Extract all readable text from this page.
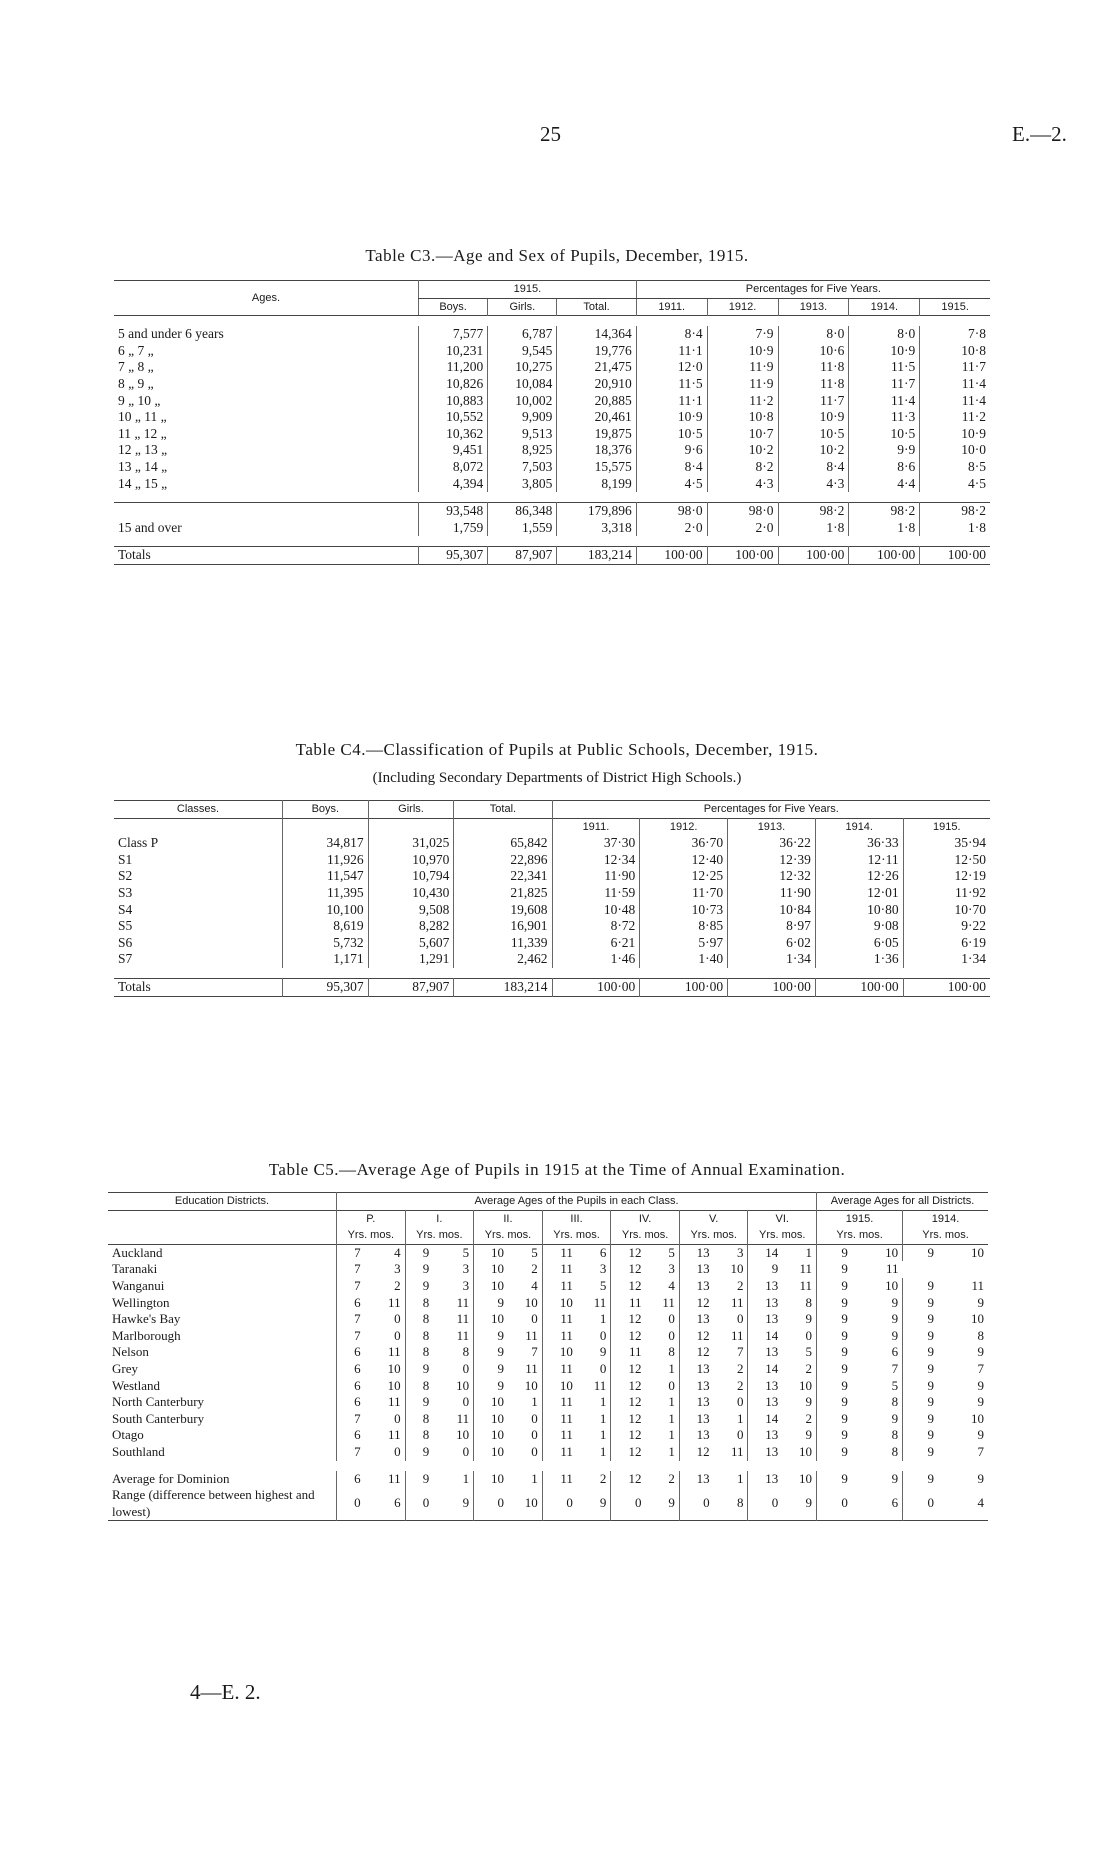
25	E.—2.
Table C3.—Age and Sex of Pupils, December, 1915.
Ages.	1915.			Percentages for Five Years.				
	Boys.	Girls.	Total.	1911.	1912.	1913.	1914.	1915.

5 and under 6 years	7,577	6,787	14,364	8·4	7·9	8·0	8·0	7·8
6 „ 7 „	10,231	9,545	19,776	11·1	10·9	10·6	10·9	10·8
7 „ 8 „	11,200	10,275	21,475	12·0	11·9	11·8	11·5	11·7
8 „ 9 „	10,826	10,084	20,910	11·5	11·9	11·8	11·7	11·4
9 „ 10 „	10,883	10,002	20,885	11·1	11·2	11·7	11·4	11·4
10 „ 11 „	10,552	9,909	20,461	10·9	10·8	10·9	11·3	11·2
11 „ 12 „	10,362	9,513	19,875	10·5	10·7	10·5	10·5	10·9
12 „ 13 „	9,451	8,925	18,376	9·6	10·2	10·2	9·9	10·0
13 „ 14 „	8,072	7,503	15,575	8·4	8·2	8·4	8·6	8·5
14 „ 15 „	4,394	3,805	8,199	4·5	4·3	4·3	4·4	4·5

	93,548	86,348	179,896	98·0	98·0	98·2	98·2	98·2
15 and over	1,759	1,559	3,318	2·0	2·0	1·8	1·8	1·8

Totals	95,307	87,907	183,214	100·00	100·00	100·00	100·00	100·00
Table C4.—Classification of Pupils at Public Schools, December, 1915.
(Including Secondary Departments of District High Schools.)
Classes.	Boys.	Girls.	Total.	Percentages for Five Years.				
				1911.	1912.	1913.	1914.	1915.
Class P	34,817	31,025	65,842	37·30	36·70	36·22	36·33	35·94
S1	11,926	10,970	22,896	12·34	12·40	12·39	12·11	12·50
S2	11,547	10,794	22,341	11·90	12·25	12·32	12·26	12·19
S3	11,395	10,430	21,825	11·59	11·70	11·90	12·01	11·92
S4	10,100	9,508	19,608	10·48	10·73	10·84	10·80	10·70
S5	8,619	8,282	16,901	8·72	8·85	8·97	9·08	9·22
S6	5,732	5,607	11,339	6·21	5·97	6·02	6·05	6·19
S7	1,171	1,291	2,462	1·46	1·40	1·34	1·36	1·34

Totals	95,307	87,907	183,214	100·00	100·00	100·00	100·00	100·00
Table C5.—Average Age of Pupils in 1915 at the Time of Annual Examination.
Education Districts.	Average Ages of the Pupils in each Class.														Average Ages for all Districts.			
	P.		I.		II.		III.		IV.		V.		VI.		1915.		1914.	
	Yrs. mos.		Yrs. mos.		Yrs. mos.		Yrs. mos.		Yrs. mos.		Yrs. mos.		Yrs. mos.		Yrs. mos.		Yrs. mos.	
Auckland	7	4	9	5	10	5	11	6	12	5	13	3	14	1	9	10	9	10
Taranaki	7	3	9	3	10	2	11	3	12	3	13	10	9	11	9	11		
Wanganui	7	2	9	3	10	4	11	5	12	4	13	2	13	11	9	10	9	11
Wellington	6	11	8	11	9	10	10	11	11	11	12	11	13	8	9	9	9	9
Hawke's Bay	7	0	8	11	10	0	11	1	12	0	13	0	13	9	9	9	9	10
Marlborough	7	0	8	11	9	11	11	0	12	0	12	11	14	0	9	9	9	8
Nelson	6	11	8	8	9	7	10	9	11	8	12	7	13	5	9	6	9	9
Grey	6	10	9	0	9	11	11	0	12	1	13	2	14	2	9	7	9	7
Westland	6	10	8	10	9	10	10	11	12	0	13	2	13	10	9	5	9	9
North Canterbury	6	11	9	0	10	1	11	1	12	1	13	0	13	9	9	8	9	9
South Canterbury	7	0	8	11	10	0	11	1	12	1	13	1	14	2	9	9	9	10
Otago	6	11	8	10	10	0	11	1	12	1	13	0	13	9	9	8	9	9
Southland	7	0	9	0	10	0	11	1	12	1	12	11	13	10	9	8	9	7

Average for Dominion	6	11	9	1	10	1	11	2	12	2	13	1	13	10	9	9	9	9
Range (difference between highest and lowest)	0	6	0	9	0	10	0	9	0	9	0	8	0	9	0	6	0	4
4—E. 2.
